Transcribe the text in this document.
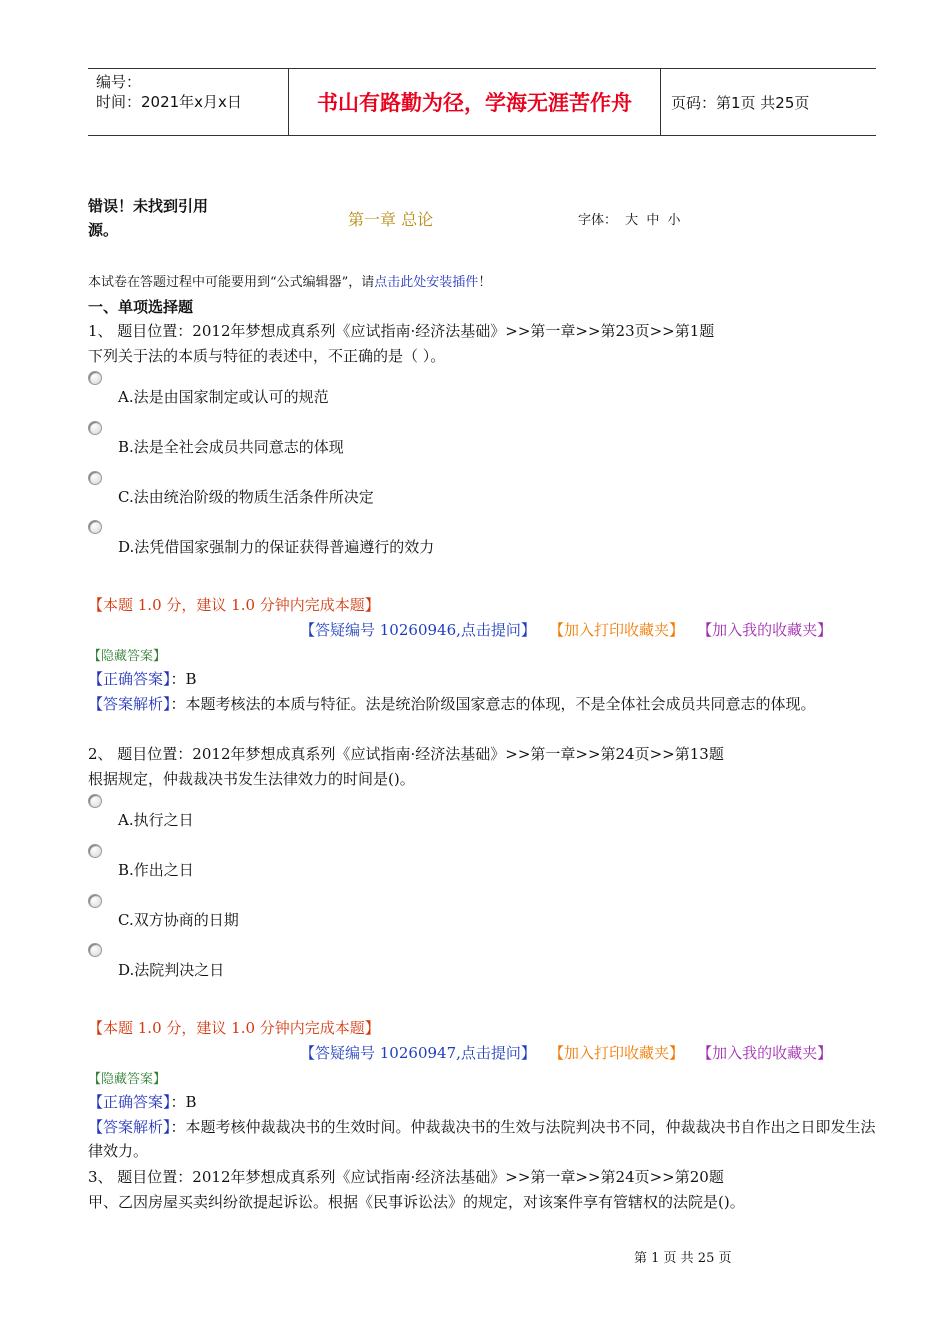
编号：
时间：2021年x月x日	书山有路勤为径，学海无涯苦作舟	页码：第1页 共25页
错误！未找到引用源。
第一章 总论	字体： 大 中 小
本试卷在答题过程中可能要用到“公式编辑器”，请点击此处安装插件！
一、单项选择题
1、 题目位置：2012年梦想成真系列《应试指南·经济法基础》>>第一章>>第23页>>第1题
下列关于法的本质与特征的表述中，不正确的是（ ）。
A.法是由国家制定或认可的规范
B.法是全社会成员共同意志的体现
C.法由统治阶级的物质生活条件所决定
D.法凭借国家强制力的保证获得普遍遵行的效力
【本题 1.0 分，建议 1.0 分钟内完成本题】
【答疑编号 10260946,点击提问】 【加入打印收藏夹】 【加入我的收藏夹】
【隐藏答案】
【正确答案】：B
【答案解析】：本题考核法的本质与特征。法是统治阶级国家意志的体现，不是全体社会成员共同意志的体现。
2、 题目位置：2012年梦想成真系列《应试指南·经济法基础》>>第一章>>第24页>>第13题
根据规定，仲裁裁决书发生法律效力的时间是()。
A.执行之日
B.作出之日
C.双方协商的日期
D.法院判决之日
【本题 1.0 分，建议 1.0 分钟内完成本题】
【答疑编号 10260947,点击提问】 【加入打印收藏夹】 【加入我的收藏夹】
【隐藏答案】
【正确答案】：B
【答案解析】：本题考核仲裁裁决书的生效时间。仲裁裁决书的生效与法院判决书不同，仲裁裁决书自作出之日即发生法律效力。
3、 题目位置：2012年梦想成真系列《应试指南·经济法基础》>>第一章>>第24页>>第20题
甲、乙因房屋买卖纠纷欲提起诉讼。根据《民事诉讼法》的规定，对该案件享有管辖权的法院是()。
第 1 页 共 25 页
